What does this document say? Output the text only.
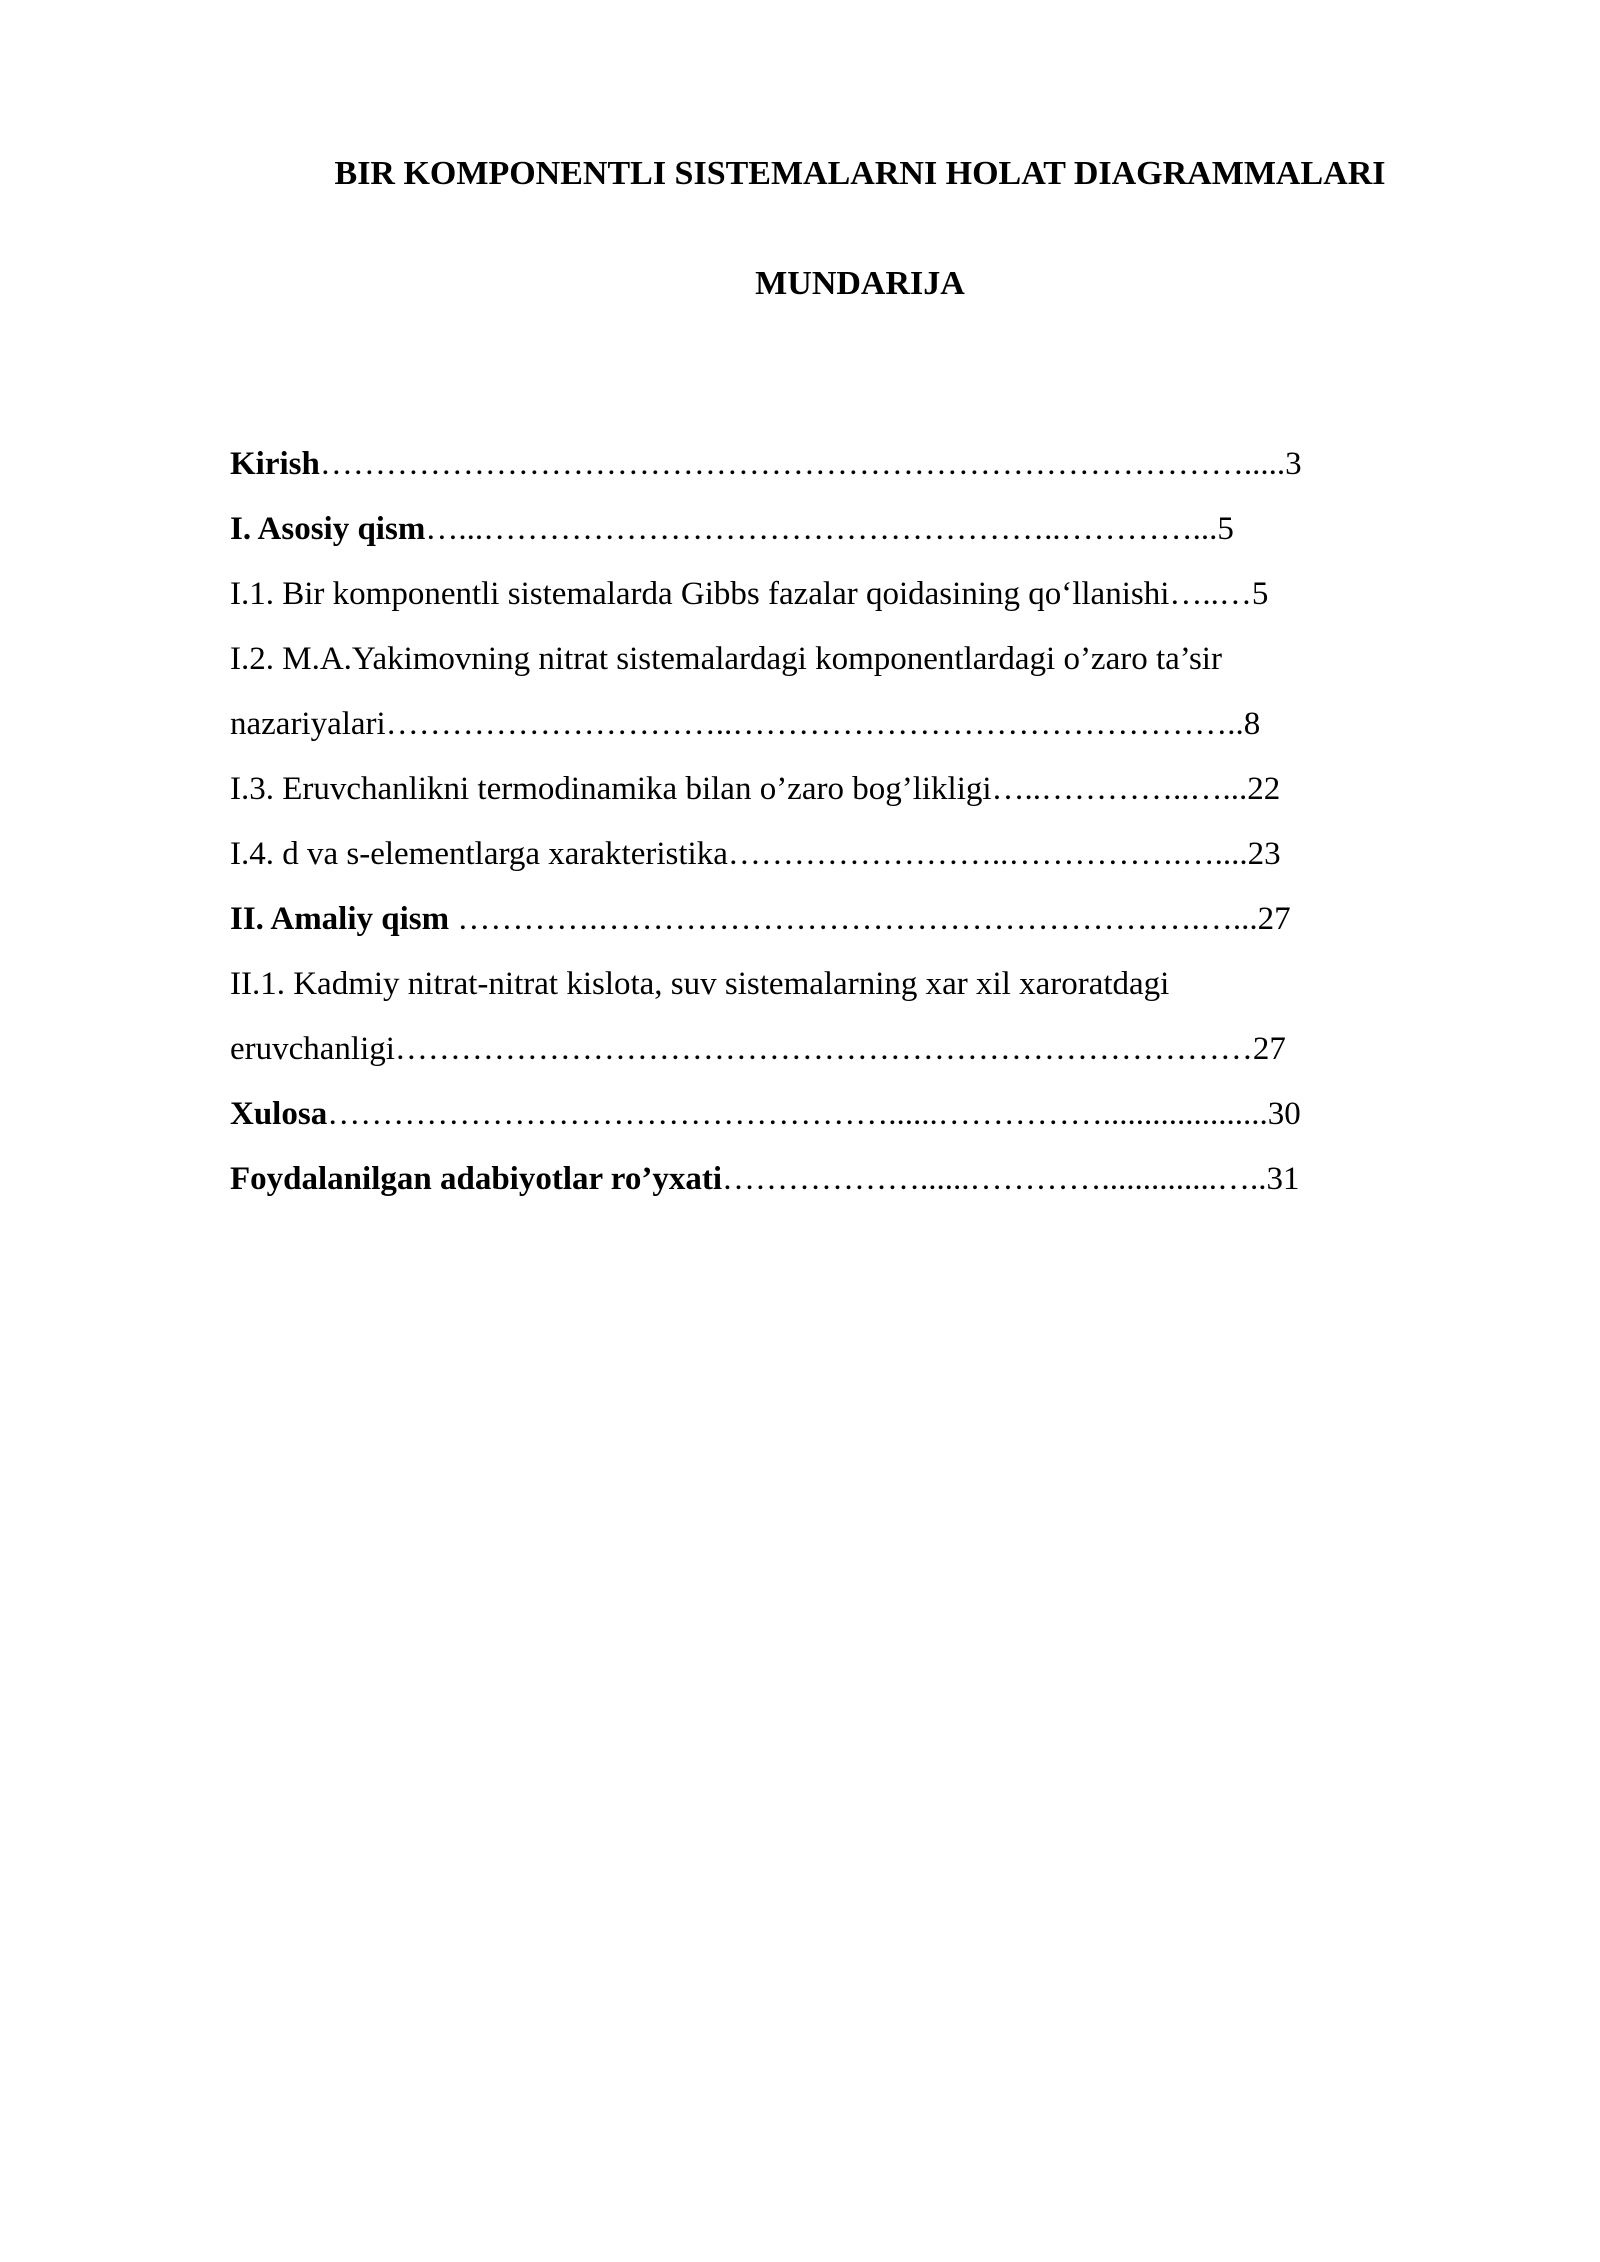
BIR KOMPONENTLI SISTEMALARNI HOLAT DIAGRAMMALARI
MUNDARIJA
Kirish………………………………………………………………………….....3
I. Asosiy qism…...……………………………………………..…………...5
I.1. Bir komponentli sistemalarda Gibbs fazalar qoidasining qo‘llanishi…..…5
I.2. M.A.Yakimovning nitrat sistemalardagi komponentlardagi o’zaro ta’sir
nazariyalari…………………………..………………………………………..8
I.3. Eruvchanlikni termodinamika bilan o’zaro bog’likligi…..…………..…...22
I.4. d va s-elementlarga xarakteristika……………………..…………….…....23
II. Amaliy qism ………….……………………………………………….…...27
II.1. Kadmiy nitrat-nitrat kislota, suv sistemalarning xar xil xaroratdagi
eruvchanligi……………………………………………………………………27
Xulosa……………………………………………......……………....................30
Foydalanilgan adabiyotlar ro’yxati………………......…………..............…..31
